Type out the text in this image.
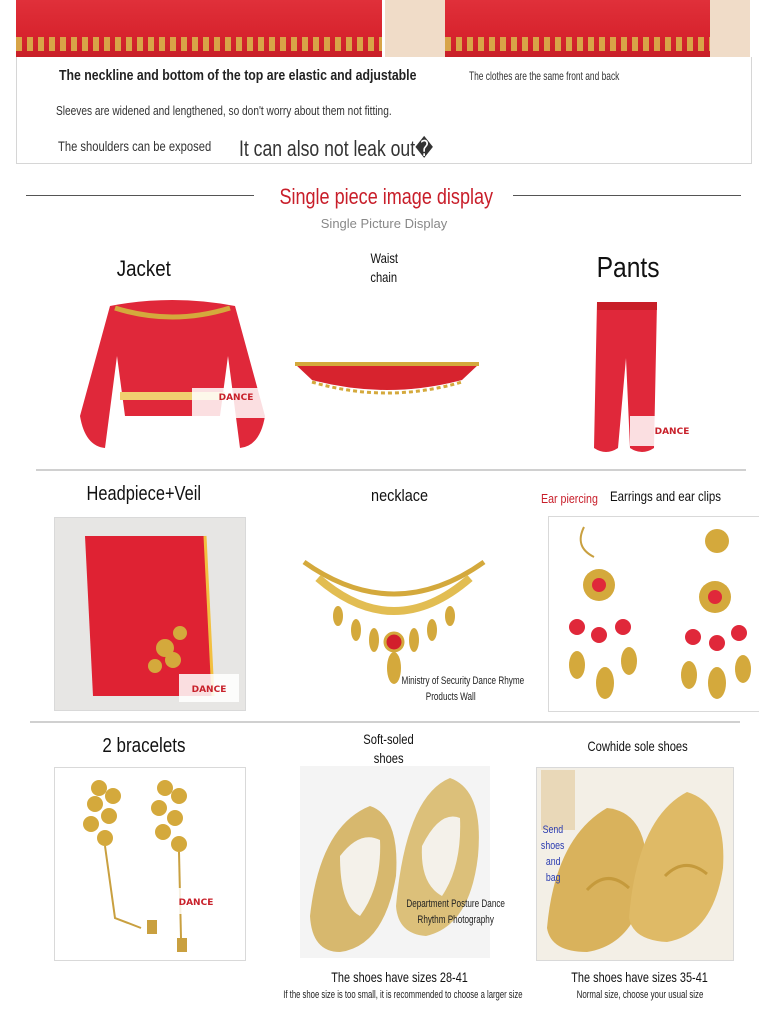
The neckline and bottom of the top are elastic and adjustable	The clothes are the same front and back
Sleeves are widened and lengthened, so don't worry about them not fitting.
The shoulders can be exposed	It can also not leak out�
Single piece image display
Single Picture Display
Jacket	Waist
chain	Pants
DANCE
DANCE
Headpiece+Veil	necklace	Ear piercing Earrings and ear clips
DANCE
Ministry of Security Dance Rhyme
Products Wall
2 bracelets	Soft-soled
shoes
Cowhide sole shoes
DANCE	Department Posture Dance
Rhythm Photography
Send
shoes
and
bag
The shoes have sizes 28-41
If the shoe size is too small, it is recommended to choose a larger size
The shoes have sizes 35-41
Normal size, choose your usual size
